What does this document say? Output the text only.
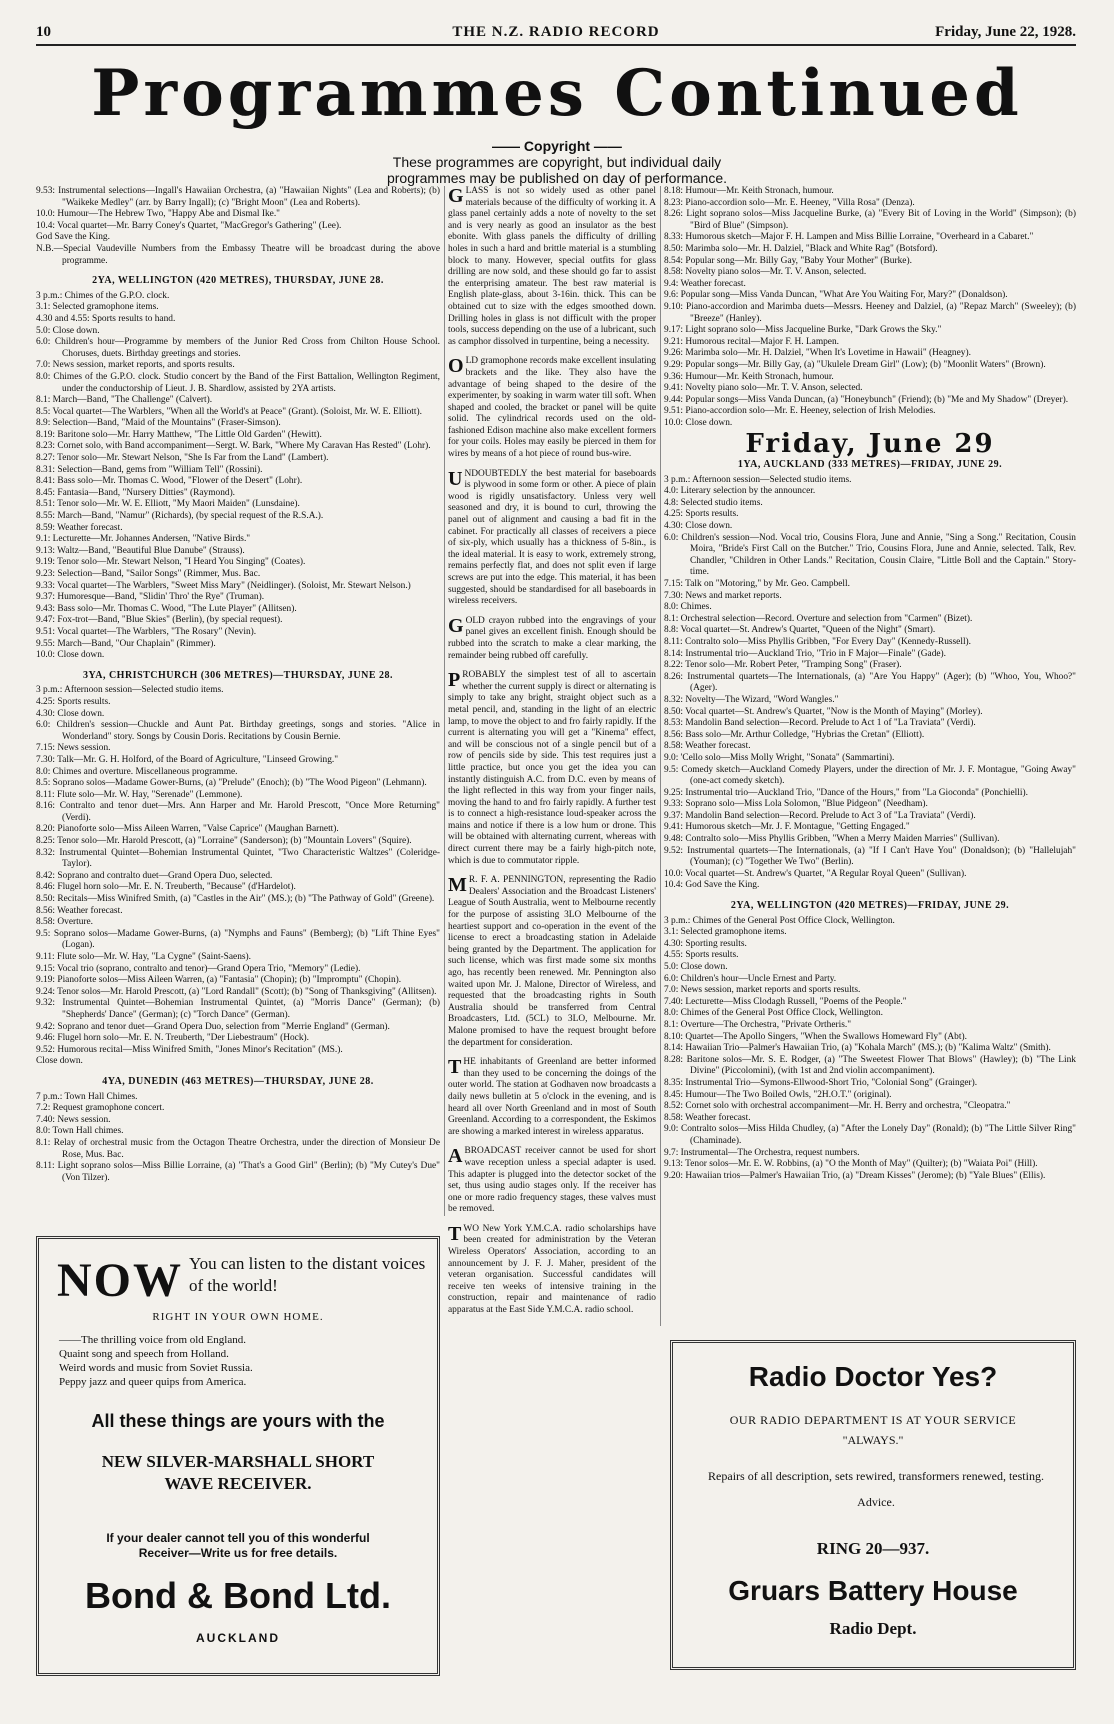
10	THE N.Z. RADIO RECORD	Friday, June 22, 1928.
Programmes Continued
—— Copyright ——
These programmes are copyright, but individual daily
programmes may be published on day of performance.

9.53: Instrumental selections—Ingall's Hawaiian Orchestra, (a) "Hawaiian Nights" (Lea and Roberts); (b) "Waikeke Medley" (arr. by Barry Ingall); (c) "Bright Moon" (Lea and Roberts).

10.0: Humour—The Hebrew Two, "Happy Abe and Dismal Ike."

10.4: Vocal quartet—Mr. Barry Coney's Quartet, "MacGregor's Gathering" (Lee).

God Save the King.

N.B.—Special Vaudeville Numbers from the Embassy Theatre will be broadcast during the above programme.

2YA, WELLINGTON (420 METRES), THURSDAY, JUNE 28.

3 p.m.: Chimes of the G.P.O. clock.

3.1: Selected gramophone items.

4.30 and 4.55: Sports results to hand.

5.0: Close down.

6.0: Children's hour—Programme by members of the Junior Red Cross from Chilton House School. Choruses, duets. Birthday greetings and stories.

7.0: News session, market reports, and sports results.

8.0: Chimes of the G.P.O. clock. Studio concert by the Band of the First Battalion, Wellington Regiment, under the conductorship of Lieut. J. B. Shardlow, assisted by 2YA artists.

8.1: March—Band, "The Challenge" (Calvert).

8.5: Vocal quartet—The Warblers, "When all the World's at Peace" (Grant). (Soloist, Mr. W. E. Elliott).

8.9: Selection—Band, "Maid of the Mountains" (Fraser-Simson).

8.19: Baritone solo—Mr. Harry Matthew, "The Little Old Garden" (Hewitt).

8.23: Cornet solo, with Band accompaniment—Sergt. W. Bark, "Where My Caravan Has Rested" (Lohr).

8.27: Tenor solo—Mr. Stewart Nelson, "She Is Far from the Land" (Lambert).

8.31: Selection—Band, gems from "William Tell" (Rossini).

8.41: Bass solo—Mr. Thomas C. Wood, "Flower of the Desert" (Lohr).

8.45: Fantasia—Band, "Nursery Ditties" (Raymond).

8.51: Tenor solo—Mr. W. E. Elliott, "My Maori Maiden" (Lunsdaine).

8.55: March—Band, "Namur" (Richards), (by special request of the R.S.A.).

8.59: Weather forecast.

9.1: Lecturette—Mr. Johannes Andersen, "Native Birds."

9.13: Waltz—Band, "Beautiful Blue Danube" (Strauss).

9.19: Tenor solo—Mr. Stewart Nelson, "I Heard You Singing" (Coates).

9.23: Selection—Band, "Sailor Songs" (Rimmer, Mus. Bac.

9.33: Vocal quartet—The Warblers, "Sweet Miss Mary" (Neidlinger). (Soloist, Mr. Stewart Nelson.)

9.37: Humoresque—Band, "Slidin' Thro' the Rye" (Truman).

9.43: Bass solo—Mr. Thomas C. Wood, "The Lute Player" (Allitsen).

9.47: Fox-trot—Band, "Blue Skies" (Berlin), (by special request).

9.51: Vocal quartet—The Warblers, "The Rosary" (Nevin).

9.55: March—Band, "Our Chaplain" (Rimmer).

10.0: Close down.

3YA, CHRISTCHURCH (306 METRES)—THURSDAY, JUNE 28.

3 p.m.: Afternoon session—Selected studio items.

4.25: Sports results.

4.30: Close down.

6.0: Children's session—Chuckle and Aunt Pat. Birthday greetings, songs and stories. "Alice in Wonderland" story. Songs by Cousin Doris. Recitations by Cousin Bernie.

7.15: News session.

7.30: Talk—Mr. G. H. Holford, of the Board of Agriculture, "Linseed Growing."

8.0: Chimes and overture. Miscellaneous programme.

8.5: Soprano solos—Madame Gower-Burns, (a) "Prelude" (Enoch); (b) "The Wood Pigeon" (Lehmann).

8.11: Flute solo—Mr. W. Hay, "Serenade" (Lemmone).

8.16: Contralto and tenor duet—Mrs. Ann Harper and Mr. Harold Prescott, "Once More Returning" (Verdi).

8.20: Pianoforte solo—Miss Aileen Warren, "Valse Caprice" (Maughan Barnett).

8.25: Tenor solo—Mr. Harold Prescott, (a) "Lorraine" (Sanderson); (b) "Mountain Lovers" (Squire).

8.32: Instrumental Quintet—Bohemian Instrumental Quintet, "Two Characteristic Waltzes" (Coleridge-Taylor).

8.42: Soprano and contralto duet—Grand Opera Duo, selected.

8.46: Flugel horn solo—Mr. E. N. Treuberth, "Because" (d'Hardelot).

8.50: Recitals—Miss Winifred Smith, (a) "Castles in the Air" (MS.); (b) "The Pathway of Gold" (Greene).

8.56: Weather forecast.

8.58: Overture.

9.5: Soprano solos—Madame Gower-Burns, (a) "Nymphs and Fauns" (Bemberg); (b) "Lift Thine Eyes" (Logan).

9.11: Flute solo—Mr. W. Hay, "La Cygne" (Saint-Saens).

9.15: Vocal trio (soprano, contralto and tenor)—Grand Opera Trio, "Memory" (Ledie).

9.19: Pianoforte solos—Miss Aileen Warren, (a) "Fantasia" (Chopin); (b) "Impromptu" (Chopin).

9.24: Tenor solos—Mr. Harold Prescott, (a) "Lord Randall" (Scott); (b) "Song of Thanksgiving" (Allitsen).

9.32: Instrumental Quintet—Bohemian Instrumental Quintet, (a) "Morris Dance" (German); (b) "Shepherds' Dance" (German); (c) "Torch Dance" (German).

9.42: Soprano and tenor duet—Grand Opera Duo, selection from "Merrie England" (German).

9.46: Flugel horn solo—Mr. E. N. Treuberth, "Der Liebestraum" (Hock).

9.52: Humorous recital—Miss Winifred Smith, "Jones Minor's Recitation" (MS.).

Close down.

4YA, DUNEDIN (463 METRES)—THURSDAY, JUNE 28.

7 p.m.: Town Hall Chimes.

7.2: Request gramophone concert.

7.40: News session.

8.0: Town Hall chimes.

8.1: Relay of orchestral music from the Octagon Theatre Orchestra, under the direction of Monsieur De Rose, Mus. Bac.

8.11: Light soprano solos—Miss Billie Lorraine, (a) "That's a Good Girl" (Berlin); (b) "My Cutey's Due" (Von Tilzer).

GLASS is not so widely used as other panel materials because of the difficulty of working it. A glass panel certainly adds a note of novelty to the set and is very nearly as good an insulator as the best ebonite. With glass panels the difficulty of drilling holes in such a hard and brittle material is a stumbling block to many. However, special outfits for glass drilling are now sold, and these should go far to assist the enterprising amateur. The best raw material is English plate-glass, about 3-16in. thick. This can be obtained cut to size with the edges smoothed down. Drilling holes in glass is not difficult with the proper tools, success depending on the use of a lubricant, such as camphor dissolved in turpentine, being a necessity.

OLD gramophone records make excellent insulating brackets and the like. They also have the advantage of being shaped to the desire of the experimenter, by soaking in warm water till soft. When shaped and cooled, the bracket or panel will be quite solid. The cylindrical records used on the old-fashioned Edison machine also make excellent formers for your coils. Holes may easily be pierced in them for wires by means of a hot piece of round bus-wire.

UNDOUBTEDLY the best material for baseboards is plywood in some form or other. A piece of plain wood is rigidly unsatisfactory. Unless very well seasoned and dry, it is bound to curl, throwing the panel out of alignment and causing a bad fit in the cabinet. For practically all classes of receivers a piece of six-ply, which usually has a thickness of 5-8in., is the ideal material. It is easy to work, extremely strong, remains perfectly flat, and does not split even if large screws are put into the edge. This material, it has been suggested, should be standardised for all baseboards in wireless receivers.

GOLD crayon rubbed into the engravings of your panel gives an excellent finish. Enough should be rubbed into the scratch to make a clear marking, the remainder being rubbed off carefully.

PROBABLY the simplest test of all to ascertain whether the current supply is direct or alternating is simply to take any bright, straight object such as a metal pencil, and, standing in the light of an electric lamp, to move the object to and fro fairly rapidly. If the current is alternating you will get a "Kinema" effect, and will be conscious not of a single pencil but of a row of pencils side by side. This test requires just a little practice, but once you get the idea you can instantly distinguish A.C. from D.C. even by means of the light reflected in this way from your finger nails, moving the hand to and fro fairly rapidly. A further test is to connect a high-resistance loud-speaker across the mains and notice if there is a low hum or drone. This will be obtained with alternating current, whereas with direct current there may be a fairly high-pitch note, which is due to commutator ripple.

M R. F. A. PENNINGTON, representing the Radio Dealers' Association and the Broadcast Listeners' League of South Australia, went to Melbourne recently for the purpose of assisting 3LO Melbourne of the heartiest support and co-operation in the event of the license to erect a broadcasting station in Adelaide being granted by the Department. The application for such license, which was first made some six months ago, has recently been renewed. Mr. Pennington also waited upon Mr. J. Malone, Director of Wireless, and requested that the broadcasting rights in South Australia should be transferred from Central Broadcasters, Ltd. (5CL) to 3LO, Melbourne. Mr. Malone promised to have the request brought before the department for consideration.

THE inhabitants of Greenland are better informed than they used to be concerning the doings of the outer world. The station at Godhaven now broadcasts a daily news bulletin at 5 o'clock in the evening, and is heard all over North Greenland and in most of South Greenland. According to a correspondent, the Eskimos are showing a marked interest in wireless apparatus.

ABROADCAST receiver cannot be used for short wave reception unless a special adapter is used. This adapter is plugged into the detector socket of the set, thus using audio stages only. If the receiver has one or more radio frequency stages, these valves must be removed.

TWO New York Y.M.C.A. radio scholarships have been created for administration by the Veteran Wireless Operators' Association, according to an announcement by J. F. J. Maher, president of the veteran organisation. Successful candidates will receive ten weeks of intensive training in the construction, repair and maintenance of radio apparatus at the East Side Y.M.C.A. radio school.

8.18: Humour—Mr. Keith Stronach, humour.

8.23: Piano-accordion solo—Mr. E. Heeney, "Villa Rosa" (Denza).

8.26: Light soprano solos—Miss Jacqueline Burke, (a) "Every Bit of Loving in the World" (Simpson); (b) "Bird of Blue" (Simpson).

8.33: Humorous sketch—Major F. H. Lampen and Miss Billie Lorraine, "Overheard in a Cabaret."

8.50: Marimba solo—Mr. H. Dalziel, "Black and White Rag" (Botsford).

8.54: Popular song—Mr. Billy Gay, "Baby Your Mother" (Burke).

8.58: Novelty piano solos—Mr. T. V. Anson, selected.

9.4: Weather forecast.

9.6: Popular song—Miss Vanda Duncan, "What Are You Waiting For, Mary?" (Donaldson).

9.10: Piano-accordion and Marimba duets—Messrs. Heeney and Dalziel, (a) "Repaz March" (Sweeley); (b) "Breeze" (Hanley).

9.17: Light soprano solo—Miss Jacqueline Burke, "Dark Grows the Sky."

9.21: Humorous recital—Major F. H. Lampen.

9.26: Marimba solo—Mr. H. Dalziel, "When It's Lovetime in Hawaii" (Heagney).

9.29: Popular songs—Mr. Billy Gay, (a) "Ukulele Dream Girl" (Low); (b) "Moonlit Waters" (Brown).

9.36: Humour—Mr. Keith Stronach, humour.

9.41: Novelty piano solo—Mr. T. V. Anson, selected.

9.44: Popular songs—Miss Vanda Duncan, (a) "Honeybunch" (Friend); (b) "Me and My Shadow" (Dreyer).

9.51: Piano-accordion solo—Mr. E. Heeney, selection of Irish Melodies.

10.0: Close down.

Friday, June 29
1YA, AUCKLAND (333 METRES)—FRIDAY, JUNE 29.

3 p.m.: Afternoon session—Selected studio items.

4.0: Literary selection by the announcer.

4.8: Selected studio items.

4.25: Sports results.

4.30: Close down.

6.0: Children's session—Nod. Vocal trio, Cousins Flora, June and Annie, "Sing a Song." Recitation, Cousin Moira, "Bride's First Call on the Butcher." Trio, Cousins Flora, June and Annie, selected. Talk, Rev. Chandler, "Children in Other Lands." Recitation, Cousin Claire, "Little Boll and the Captain." Story-time.

7.15: Talk on "Motoring," by Mr. Geo. Campbell.

7.30: News and market reports.

8.0: Chimes.

8.1: Orchestral selection—Record. Overture and selection from "Carmen" (Bizet).

8.8: Vocal quartet—St. Andrew's Quartet, "Queen of the Night" (Smart).

8.11: Contralto solo—Miss Phyllis Gribben, "For Every Day" (Kennedy-Russell).

8.14: Instrumental trio—Auckland Trio, "Trio in F Major—Finale" (Gade).

8.22: Tenor solo—Mr. Robert Peter, "Tramping Song" (Fraser).

8.26: Instrumental quartets—The Internationals, (a) "Are You Happy" (Ager); (b) "Whoo, You, Whoo?" (Ager).

8.32: Novelty—The Wizard, "Word Wangles."

8.50: Vocal quartet—St. Andrew's Quartet, "Now is the Month of Maying" (Morley).

8.53: Mandolin Band selection—Record. Prelude to Act 1 of "La Traviata" (Verdi).

8.56: Bass solo—Mr. Arthur Colledge, "Hybrias the Cretan" (Elliott).

8.58: Weather forecast.

9.0: 'Cello solo—Miss Molly Wright, "Sonata" (Sammartini).

9.5: Comedy sketch—Auckland Comedy Players, under the direction of Mr. J. F. Montague, "Going Away" (one-act comedy sketch).

9.25: Instrumental trio—Auckland Trio, "Dance of the Hours," from "La Gioconda" (Ponchielli).

9.33: Soprano solo—Miss Lola Solomon, "Blue Pidgeon" (Needham).

9.37: Mandolin Band selection—Record. Prelude to Act 3 of "La Traviata" (Verdi).

9.41: Humorous sketch—Mr. J. F. Montague, "Getting Engaged."

9.48: Contralto solo—Miss Phyllis Gribben, "When a Merry Maiden Marries" (Sullivan).

9.52: Instrumental quartets—The Internationals, (a) "If I Can't Have You" (Donaldson); (b) "Hallelujah" (Youman); (c) "Together We Two" (Berlin).

10.0: Vocal quartet—St. Andrew's Quartet, "A Regular Royal Queen" (Sullivan).

10.4: God Save the King.

2YA, WELLINGTON (420 METRES)—FRIDAY, JUNE 29.

3 p.m.: Chimes of the General Post Office Clock, Wellington.

3.1: Selected gramophone items.

4.30: Sporting results.

4.55: Sports results.

5.0: Close down.

6.0: Children's hour—Uncle Ernest and Party.

7.0: News session, market reports and sports results.

7.40: Lecturette—Miss Clodagh Russell, "Poems of the People."

8.0: Chimes of the General Post Office Clock, Wellington.

8.1: Overture—The Orchestra, "Private Ortheris."

8.10: Quartet—The Apollo Singers, "When the Swallows Homeward Fly" (Abt).

8.14: Hawaiian Trio—Palmer's Hawaiian Trio, (a) "Kohala March" (MS.); (b) "Kalima Waltz" (Smith).

8.28: Baritone solos—Mr. S. E. Rodger, (a) "The Sweetest Flower That Blows" (Hawley); (b) "The Link Divine" (Piccolomini), (with 1st and 2nd violin accompaniment).

8.35: Instrumental Trio—Symons-Ellwood-Short Trio, "Colonial Song" (Grainger).

8.45: Humour—The Two Boiled Owls, "2H.O.T." (original).

8.52: Cornet solo with orchestral accompaniment—Mr. H. Berry and orchestra, "Cleopatra."

8.58: Weather forecast.

9.0: Contralto solos—Miss Hilda Chudley, (a) "After the Lonely Day" (Ronald); (b) "The Little Silver Ring" (Chaminade).

9.7: Instrumental—The Orchestra, request numbers.

9.13: Tenor solos—Mr. E. W. Robbins, (a) "O the Month of May" (Quilter); (b) "Waiata Poi" (Hill).

9.20: Hawaiian trios—Palmer's Hawaiian Trio, (a) "Dream Kisses" (Jerome); (b) "Yale Blues" (Ellis).

NOW You can listen to the distant voices of the world!
RIGHT IN YOUR OWN HOME.
——The thrilling voice from old England.
Quaint song and speech from Holland.
Weird words and music from Soviet Russia.
Peppy jazz and queer quips from America.
All these things are yours with the
NEW SILVER-MARSHALL SHORT
WAVE RECEIVER.
If your dealer cannot tell you of this wonderful
Receiver—Write us for free details.
Bond & Bond Ltd.
AUCKLAND
Radio Doctor Yes?
OUR RADIO DEPARTMENT IS AT YOUR SERVICE
"ALWAYS."
Repairs of all description, sets rewired, transformers renewed, testing. Advice.
RING 20—937.
Gruars Battery House
Radio Dept.
